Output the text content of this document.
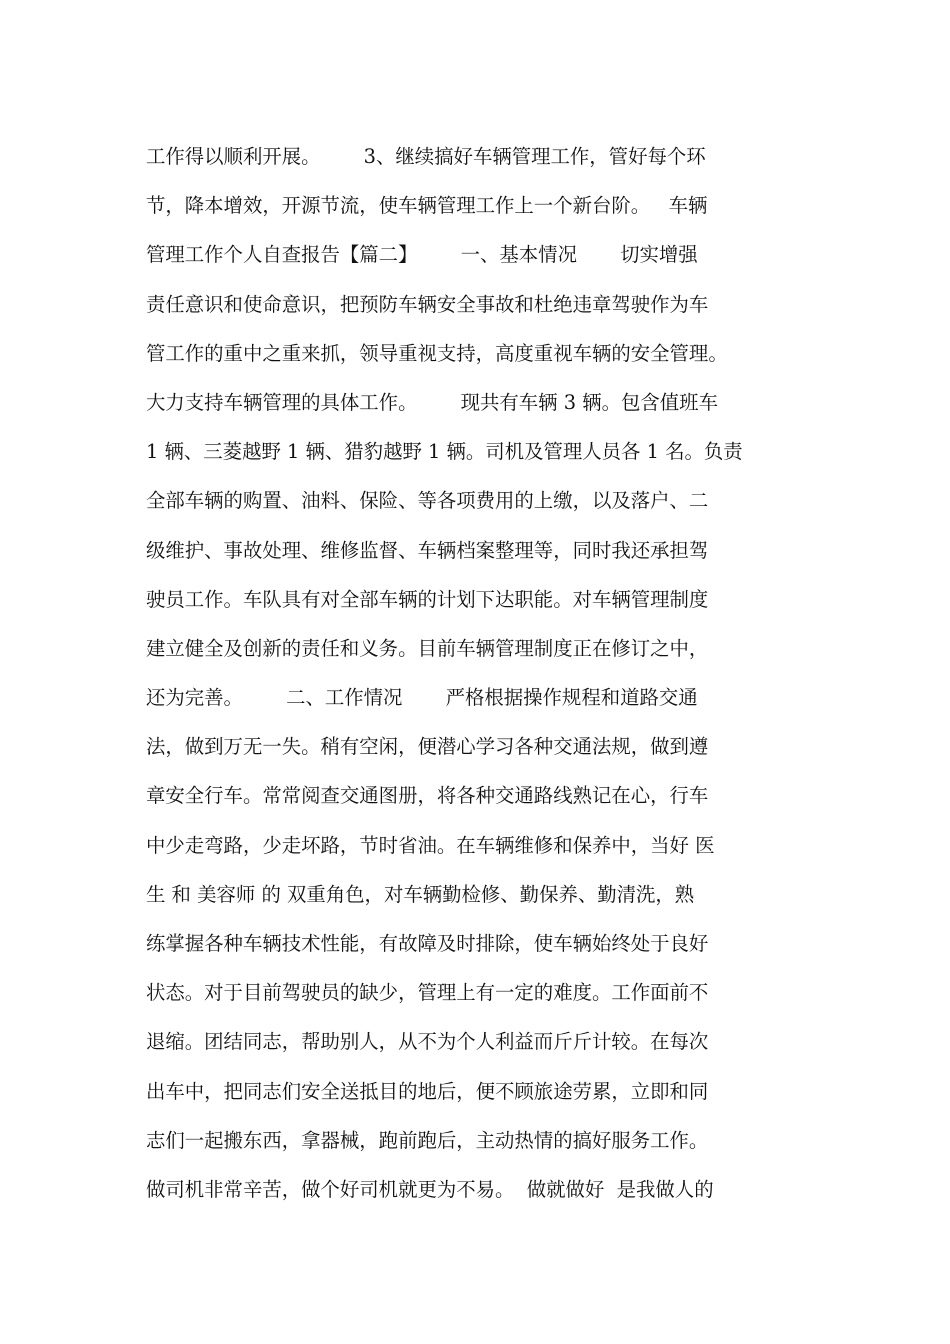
工作得以顺利开展。       3、继续搞好车辆管理工作，管好每个环
节，降本增效，开源节流，使车辆管理工作上一个新台阶。   车辆
管理工作个人自查报告【篇二】       一、基本情况       切实增强
责任意识和使命意识，把预防车辆安全事故和杜绝违章驾驶作为车
管工作的重中之重来抓，领导重视支持，高度重视车辆的安全管理。
大力支持车辆管理的具体工作。       现共有车辆 3 辆。包含值班车
1 辆、三菱越野 1 辆、猎豹越野 1 辆。司机及管理人员各 1 名。负责
全部车辆的购置、油料、保险、等各项费用的上缴，以及落户、二
级维护、事故处理、维修监督、车辆档案整理等，同时我还承担驾
驶员工作。车队具有对全部车辆的计划下达职能。对车辆管理制度
建立健全及创新的责任和义务。目前车辆管理制度正在修订之中，
还为完善。       二、工作情况       严格根据操作规程和道路交通
法，做到万无一失。稍有空闲，便潜心学习各种交通法规，做到遵
章安全行车。常常阅查交通图册，将各种交通路线熟记在心，行车
中少走弯路，少走坏路，节时省油。在车辆维修和保养中，当好 医
生 和 美容师 的 双重角色，对车辆勤检修、勤保养、勤清洗，熟
练掌握各种车辆技术性能，有故障及时排除，使车辆始终处于良好
状态。对于目前驾驶员的缺少，管理上有一定的难度。工作面前不
退缩。团结同志，帮助别人，从不为个人利益而斤斤计较。在每次
出车中，把同志们安全送抵目的地后，便不顾旅途劳累，立即和同
志们一起搬东西，拿器械，跑前跑后，主动热情的搞好服务工作。
做司机非常辛苦，做个好司机就更为不易。  做就做好  是我做人的
